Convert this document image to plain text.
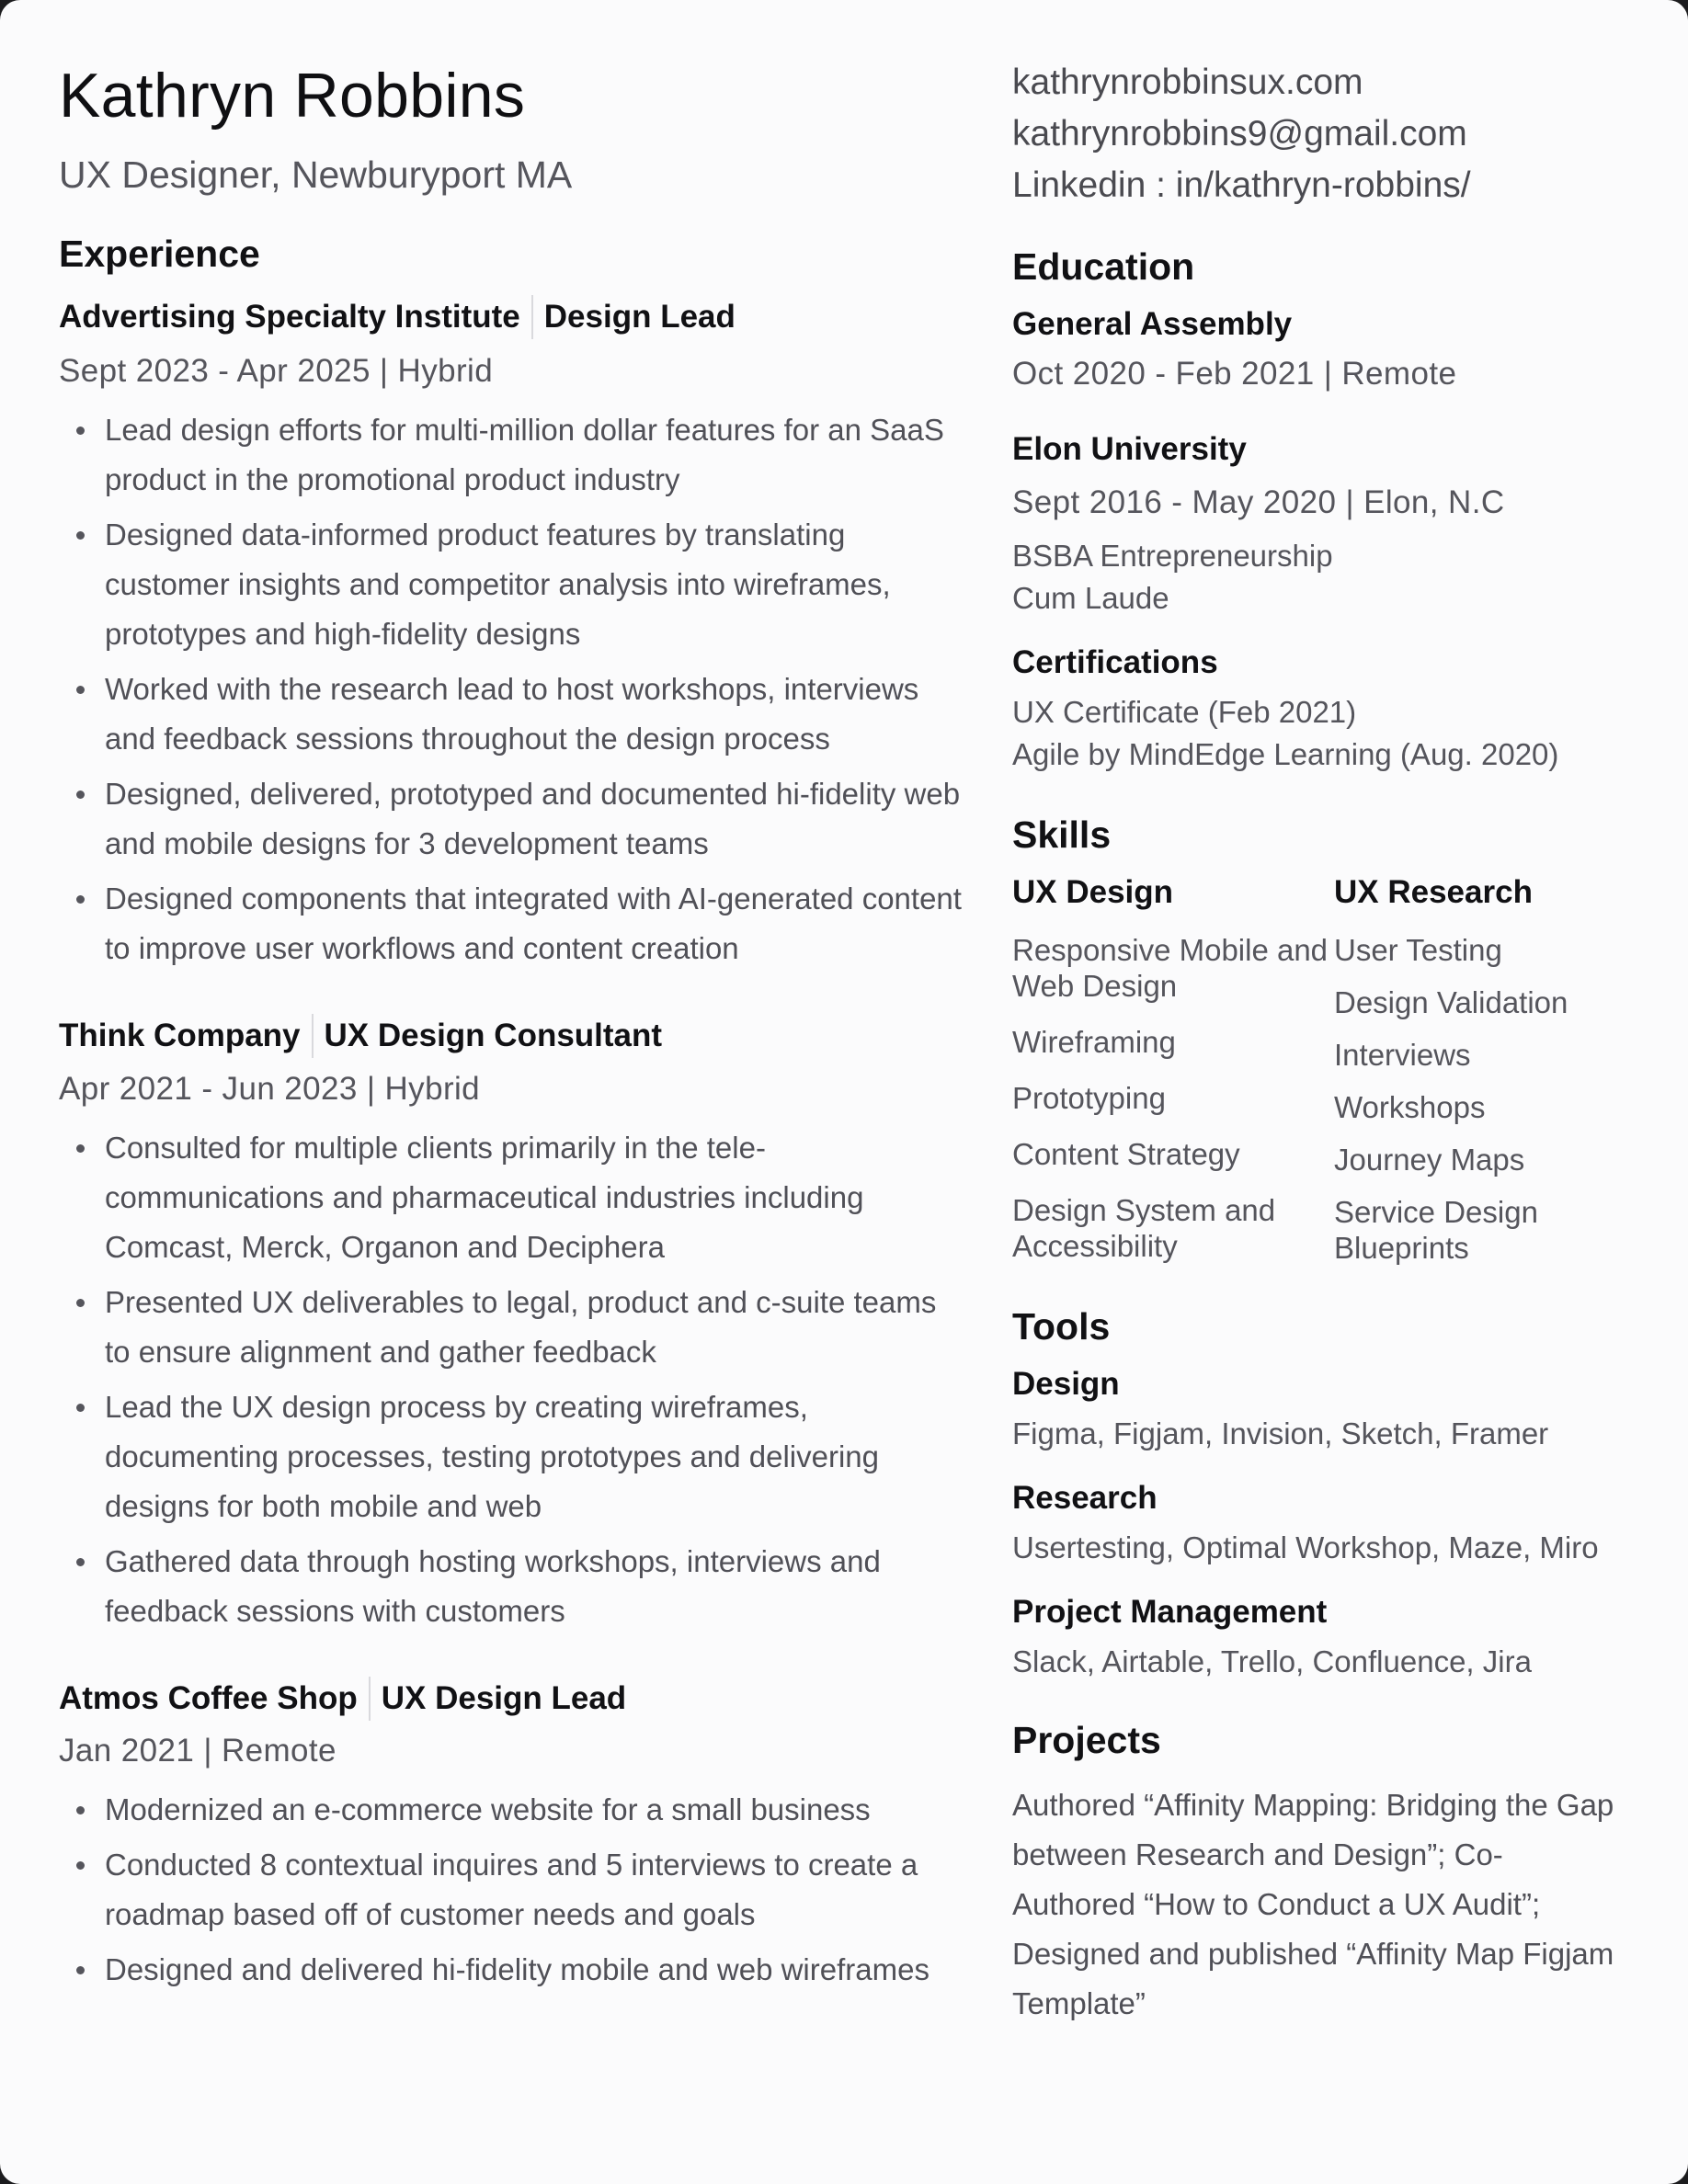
Kathryn Robbins
UX Designer, Newburyport MA
Experience
Advertising Specialty Institute Design Lead
Sept 2023 - Apr 2025 | Hybrid
Lead design efforts for multi-million dollar features for an SaaS product in the promotional product industry
Designed data-informed product features by translating customer insights and competitor analysis into wireframes, prototypes and high-fidelity designs
Worked with the research lead to host workshops, interviews and feedback sessions throughout the design process
Designed, delivered, prototyped and documented hi-fidelity web and mobile designs for 3 development teams
Designed components that integrated with AI-generated content to improve user workflows and content creation
Think Company UX Design Consultant
Apr 2021 - Jun 2023 | Hybrid
Consulted for multiple clients primarily in the tele-communications and pharmaceutical industries including Comcast, Merck, Organon and Deciphera
Presented UX deliverables to legal, product and c-suite teams to ensure alignment and gather feedback
Lead the UX design process by creating wireframes, documenting processes, testing prototypes and delivering designs for both mobile and web
Gathered data through hosting workshops, interviews and feedback sessions with customers
Atmos Coffee Shop UX Design Lead
Jan 2021 | Remote
Modernized an e-commerce website for a small business
Conducted 8 contextual inquires and 5 interviews to create a roadmap based off of customer needs and goals
Designed and delivered hi-fidelity mobile and web wireframes
kathrynrobbinsux.com
kathrynrobbins9@gmail.com
Linkedin : in/kathryn-robbins/
Education
General Assembly
Oct 2020 - Feb 2021 | Remote
Elon University
Sept 2016 - May 2020 | Elon, N.C
BSBA Entrepreneurship
Cum Laude
Certifications
UX Certificate (Feb 2021)
Agile by MindEdge Learning (Aug. 2020)
Skills
UX Design
Responsive Mobile and Web Design
Wireframing
Prototyping
Content Strategy
Design System and Accessibility
UX Research
User Testing
Design Validation
Interviews
Workshops
Journey Maps
Service Design Blueprints
Tools
Design
Figma, Figjam, Invision, Sketch, Framer
Research
Usertesting, Optimal Workshop, Maze, Miro
Project Management
Slack, Airtable, Trello, Confluence, Jira
Projects
Authored “Affinity Mapping: Bridging the Gap between Research and Design”; Co-Authored “How to Conduct a UX Audit”; Designed and published “Affinity Map Figjam Template”
